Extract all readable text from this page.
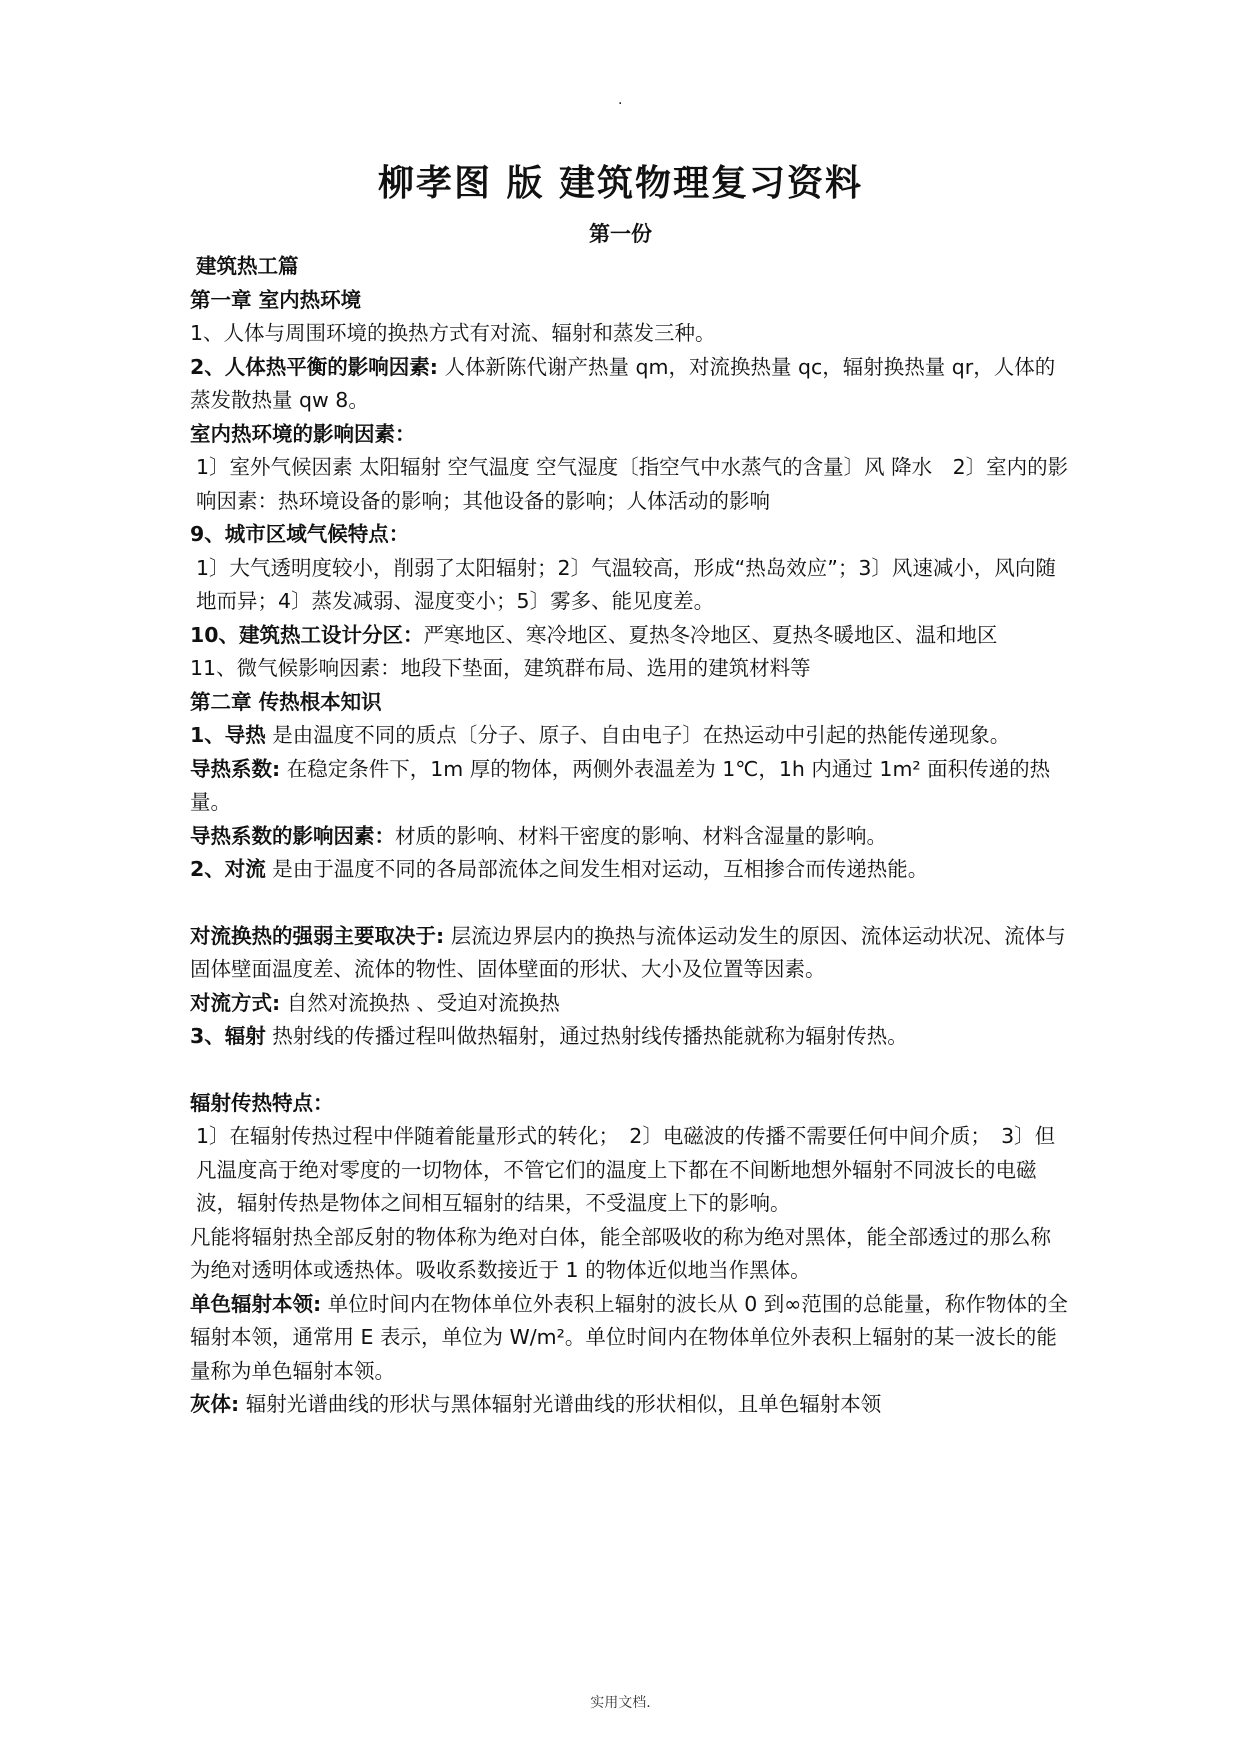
.
柳孝图 版 建筑物理复习资料
第一份

建筑热工篇

第一章 室内热环境

1、人体与周围环境的换热方式有对流、辐射和蒸发三种。

2、人体热平衡的影响因素: 人体新陈代谢产热量 qm，对流换热量 qc，辐射换热量 qr，人体的蒸发散热量 qw 8。

室内热环境的影响因素：

1〕室外气候因素 太阳辐射 空气温度 空气湿度〔指空气中水蒸气的含量〕风 降水　2〕室内的影响因素：热环境设备的影响；其他设备的影响；人体活动的影响

9、城市区域气候特点：

1〕大气透明度较小，削弱了太阳辐射；2〕气温较高，形成“热岛效应”；3〕风速减小，风向随地而异；4〕蒸发减弱、湿度变小；5〕雾多、能见度差。

10、建筑热工设计分区：严寒地区、寒冷地区、夏热冬冷地区、夏热冬暖地区、温和地区

11、微气候影响因素：地段下垫面，建筑群布局、选用的建筑材料等

第二章 传热根本知识

1、导热 是由温度不同的质点〔分子、原子、自由电子〕在热运动中引起的热能传递现象。

导热系数: 在稳定条件下，1m 厚的物体，两侧外表温差为 1℃，1h 内通过 1m² 面积传递的热量。

导热系数的影响因素：材质的影响、材料干密度的影响、材料含湿量的影响。

2、对流 是由于温度不同的各局部流体之间发生相对运动，互相掺合而传递热能。

对流换热的强弱主要取决于: 层流边界层内的换热与流体运动发生的原因、流体运动状况、流体与固体壁面温度差、流体的物性、固体壁面的形状、大小及位置等因素。

对流方式: 自然对流换热 、受迫对流换热

3、辐射 热射线的传播过程叫做热辐射，通过热射线传播热能就称为辐射传热。

辐射传热特点：

1〕在辐射传热过程中伴随着能量形式的转化；　2〕电磁波的传播不需要任何中间介质；　3〕但凡温度高于绝对零度的一切物体，不管它们的温度上下都在不间断地想外辐射不同波长的电磁波，辐射传热是物体之间相互辐射的结果，不受温度上下的影响。

凡能将辐射热全部反射的物体称为绝对白体，能全部吸收的称为绝对黑体，能全部透过的那么称为绝对透明体或透热体。吸收系数接近于 1 的物体近似地当作黑体。

单色辐射本领: 单位时间内在物体单位外表积上辐射的波长从 0 到∞范围的总能量，称作物体的全辐射本领，通常用 E 表示，单位为 W/m²。单位时间内在物体单位外表积上辐射的某一波长的能量称为单色辐射本领。

灰体: 辐射光谱曲线的形状与黑体辐射光谱曲线的形状相似，且单色辐射本领

实用文档.
